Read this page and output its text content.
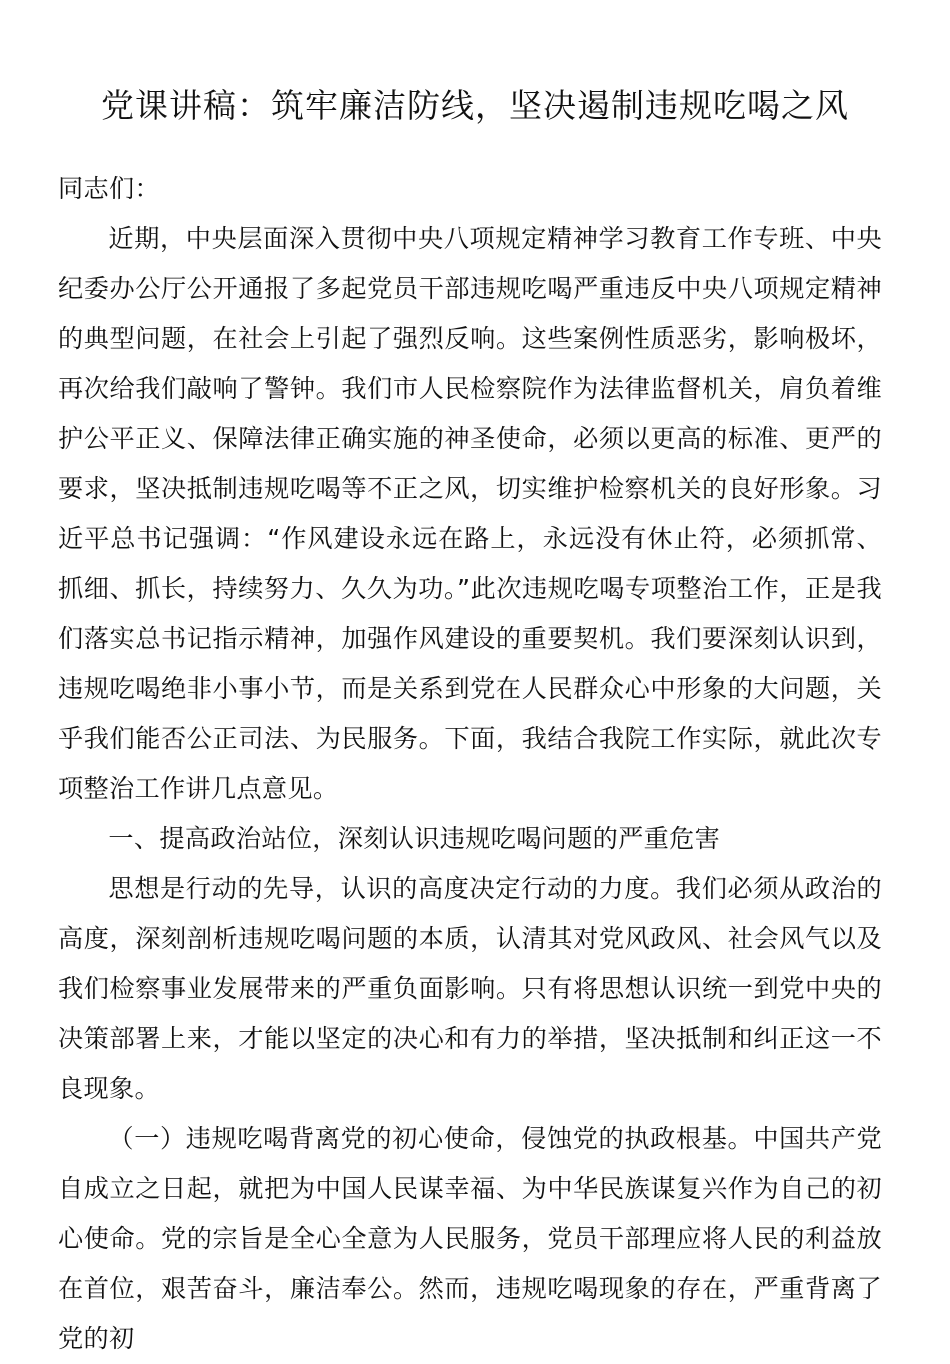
党课讲稿：筑牢廉洁防线，坚决遏制违规吃喝之风

同志们：

近期，中央层面深入贯彻中央八项规定精神学习教育工作专班、中央纪委办公厅公开通报了多起党员干部违规吃喝严重违反中央八项规定精神的典型问题，在社会上引起了强烈反响。这些案例性质恶劣，影响极坏，再次给我们敲响了警钟。我们市人民检察院作为法律监督机关，肩负着维护公平正义、保障法律正确实施的神圣使命，必须以更高的标准、更严的要求，坚决抵制违规吃喝等不正之风，切实维护检察机关的良好形象。习近平总书记强调：“作风建设永远在路上，永远没有休止符，必须抓常、抓细、抓长，持续努力、久久为功。”此次违规吃喝专项整治工作，正是我们落实总书记指示精神，加强作风建设的重要契机。我们要深刻认识到，违规吃喝绝非小事小节，而是关系到党在人民群众心中形象的大问题，关乎我们能否公正司法、为民服务。下面，我结合我院工作实际，就此次专项整治工作讲几点意见。

一、提高政治站位，深刻认识违规吃喝问题的严重危害

思想是行动的先导，认识的高度决定行动的力度。我们必须从政治的高度，深刻剖析违规吃喝问题的本质，认清其对党风政风、社会风气以及我们检察事业发展带来的严重负面影响。只有将思想认识统一到党中央的决策部署上来，才能以坚定的决心和有力的举措，坚决抵制和纠正这一不良现象。

（一）违规吃喝背离党的初心使命，侵蚀党的执政根基。中国共产党自成立之日起，就把为中国人民谋幸福、为中华民族谋复兴作为自己的初心使命。党的宗旨是全心全意为人民服务，党员干部理应将人民的利益放在首位，艰苦奋斗，廉洁奉公。然而，违规吃喝现象的存在，严重背离了党的初
